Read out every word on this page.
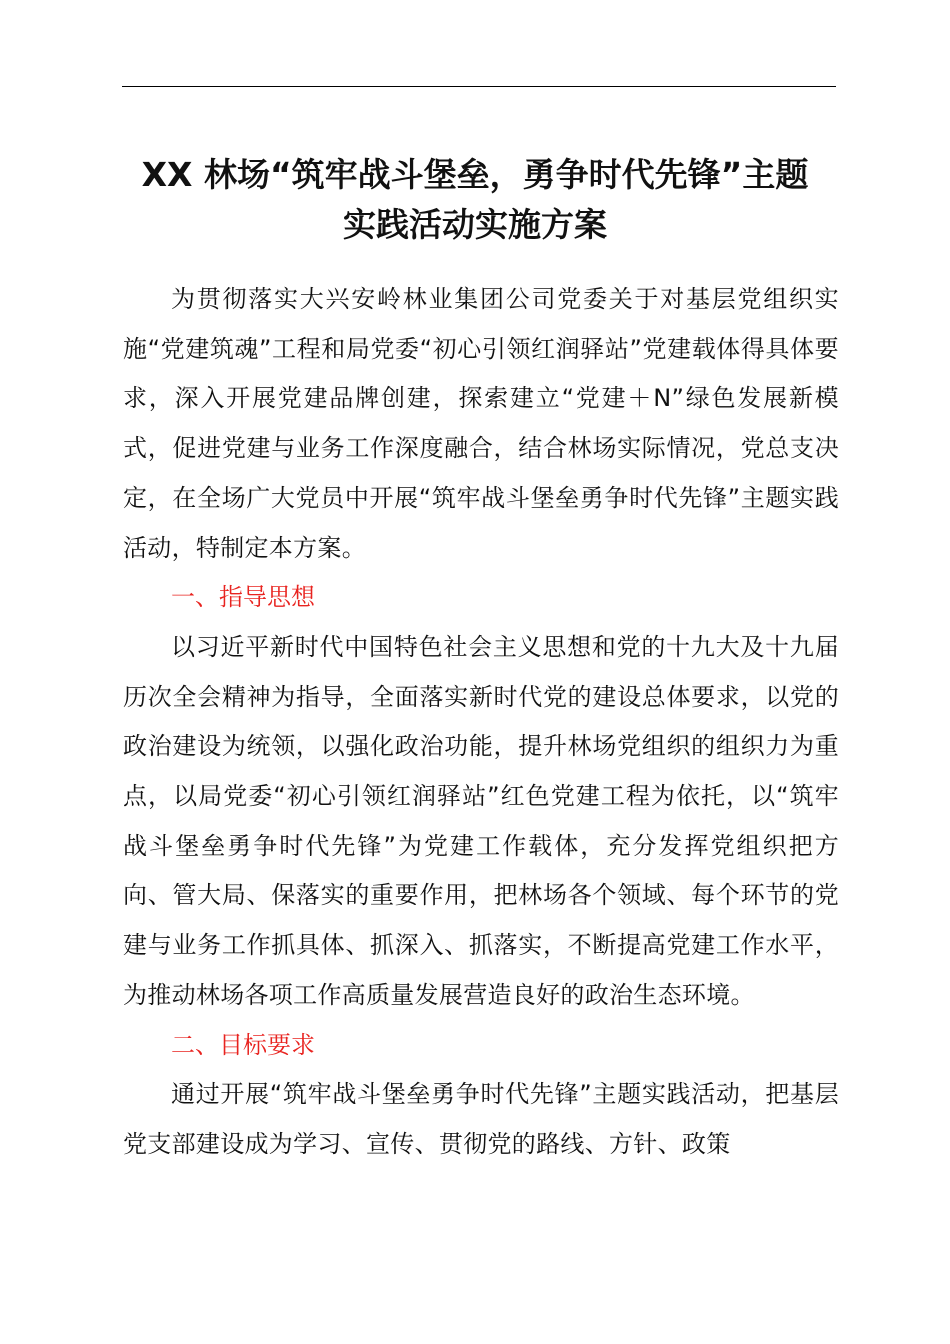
XX 林场“筑牢战斗堡垒，勇争时代先锋”主题
实践活动实施方案

为贯彻落实大兴安岭林业集团公司党委关于对基层党组织实施“党建筑魂”工程和局党委“初心引领红润驿站”党建载体得具体要求，深入开展党建品牌创建，探索建立“党建＋N”绿色发展新模式，促进党建与业务工作深度融合，结合林场实际情况，党总支决定，在全场广大党员中开展“筑牢战斗堡垒勇争时代先锋”主题实践活动，特制定本方案。

一、指导思想

以习近平新时代中国特色社会主义思想和党的十九大及十九届历次全会精神为指导，全面落实新时代党的建设总体要求，以党的政治建设为统领，以强化政治功能，提升林场党组织的组织力为重点，以局党委“初心引领红润驿站”红色党建工程为依托，以“筑牢战斗堡垒勇争时代先锋”为党建工作载体，充分发挥党组织把方向、管大局、保落实的重要作用，把林场各个领域、每个环节的党建与业务工作抓具体、抓深入、抓落实，不断提高党建工作水平，为推动林场各项工作高质量发展营造良好的政治生态环境。

二、目标要求

通过开展“筑牢战斗堡垒勇争时代先锋”主题实践活动，把基层党支部建设成为学习、宣传、贯彻党的路线、方针、政策
